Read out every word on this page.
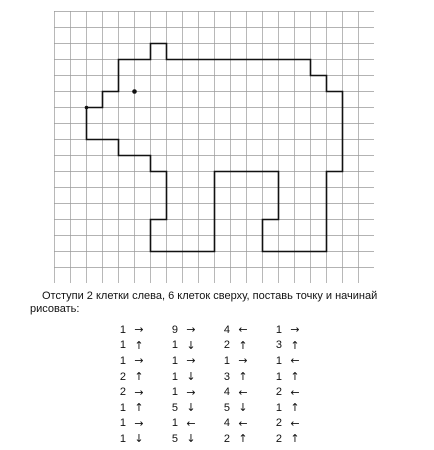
Отступи 2 клетки слева, 6 клеток сверху, поставь точку и начинай рисовать:

1 →	9 →	4 ←	1 →
1 ↑	1 ↓	2 ↑	3 ↑
1 →	1 →	1 →	1 ←
2 ↑	1 ↓	3 ↑	1 ↑
2 →	1 →	4 ←	2 ←
1 ↑	5 ↓	5 ↓	1 ↑
1 →	1 ←	4 ←	2 ←
1 ↓	5 ↓	2 ↑	2 ↑
